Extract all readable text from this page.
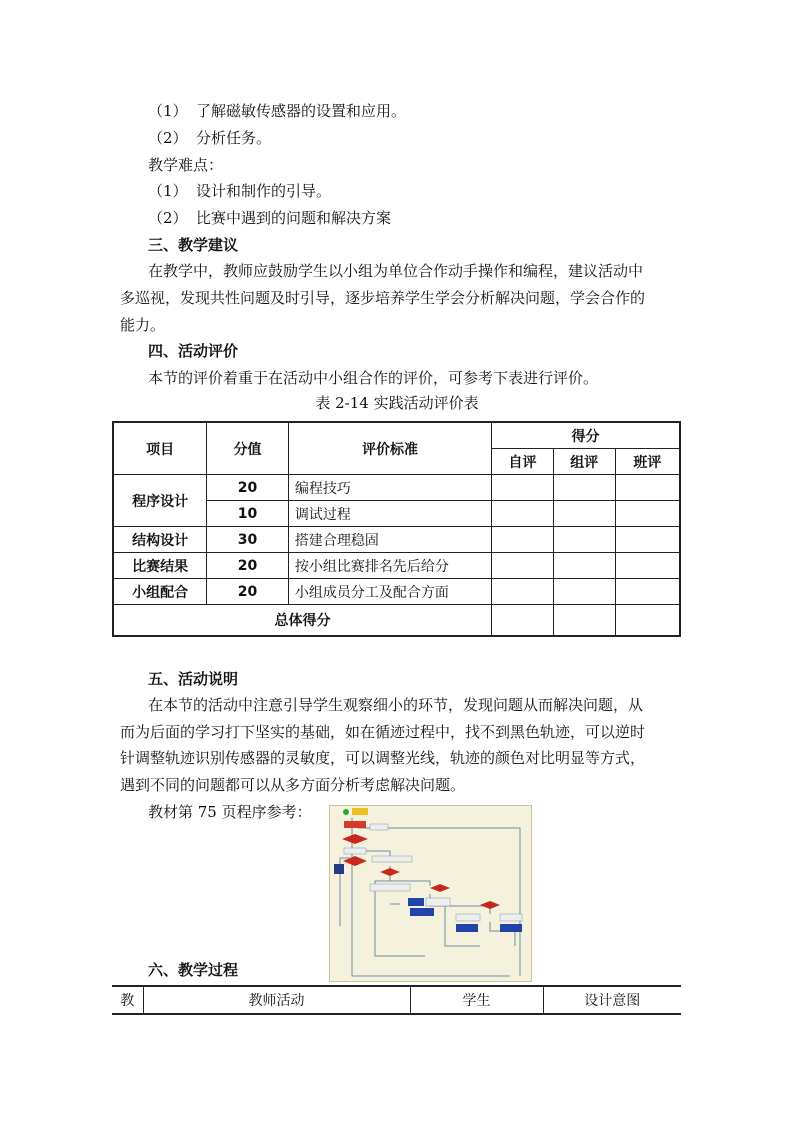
（1） 了解磁敏传感器的设置和应用。
（2） 分析任务。
教学难点：
（1） 设计和制作的引导。
（2） 比赛中遇到的问题和解决方案
三、教学建议
在教学中，教师应鼓励学生以小组为单位合作动手操作和编程，建议活动中
多巡视，发现共性问题及时引导，逐步培养学生学会分析解决问题，学会合作的
能力。
四、活动评价
本节的评价着重于在活动中小组合作的评价，可参考下表进行评价。
表 2-14 实践活动评价表
项目	分值	评价标准	得分		
			自评	组评	班评
程序设计	20	编程技巧			
	10	调试过程			
结构设计	30	搭建合理稳固			
比赛结果	20	按小组比赛排名先后给分			
小组配合	20	小组成员分工及配合方面			
总体得分					
五、活动说明
在本节的活动中注意引导学生观察细小的环节，发现问题从而解决问题，从
而为后面的学习打下坚实的基础，如在循迹过程中，找不到黑色轨迹，可以逆时
针调整轨迹识别传感器的灵敏度，可以调整光线，轨迹的颜色对比明显等方式，
遇到不同的问题都可以从多方面分析考虑解决问题。
教材第 75 页程序参考：
六、教学过程
教	教师活动	学生	设计意图
